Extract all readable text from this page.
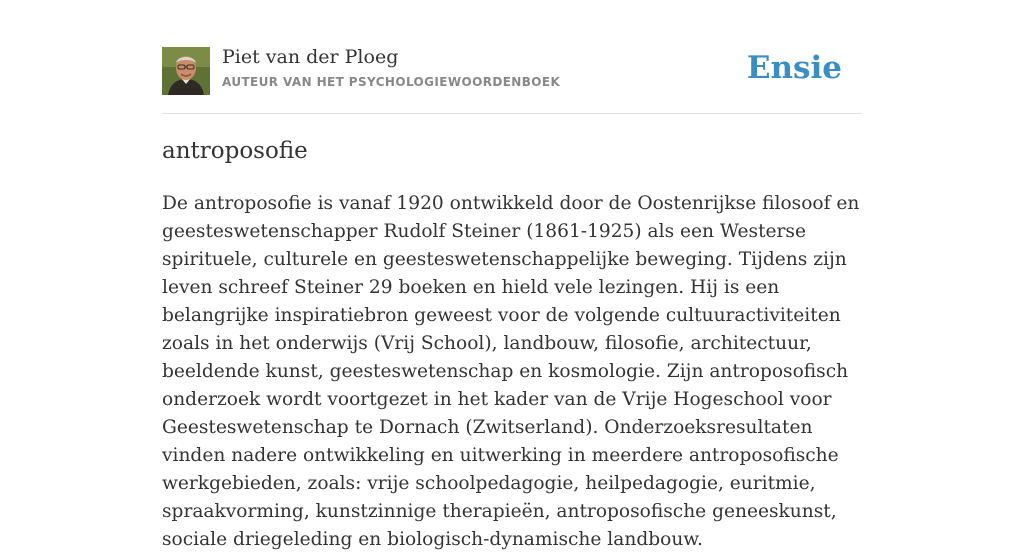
Piet van der Ploeg
AUTEUR VAN HET PSYCHOLOGIEWOORDENBOEK	Ensie
antroposofie

De antroposofie is vanaf 1920 ontwikkeld door de Oostenrijkse filosoof en geesteswetenschapper Rudolf Steiner (1861-1925) als een Westerse spirituele, culturele en geesteswetenschappelijke beweging. Tijdens zijn leven schreef Steiner 29 boeken en hield vele lezingen. Hij is een belangrijke inspiratiebron geweest voor de volgende cultuuractiviteiten zoals in het onderwijs (Vrij School), landbouw, filosofie, architectuur, beeldende kunst, geesteswetenschap en kosmologie. Zijn antroposofisch onderzoek wordt voortgezet in het kader van de Vrije Hogeschool voor Geesteswetenschap te Dornach (Zwitserland). Onderzoeksresultaten vinden nadere ontwikkeling en uitwerking in meerdere antroposofische werkgebieden, zoals: vrije schoolpedagogie, heilpedagogie, euritmie, spraakvorming, kunstzinnige therapieën, antroposofische geneeskunst, sociale driegeleding en biologisch-dynamische landbouw.
